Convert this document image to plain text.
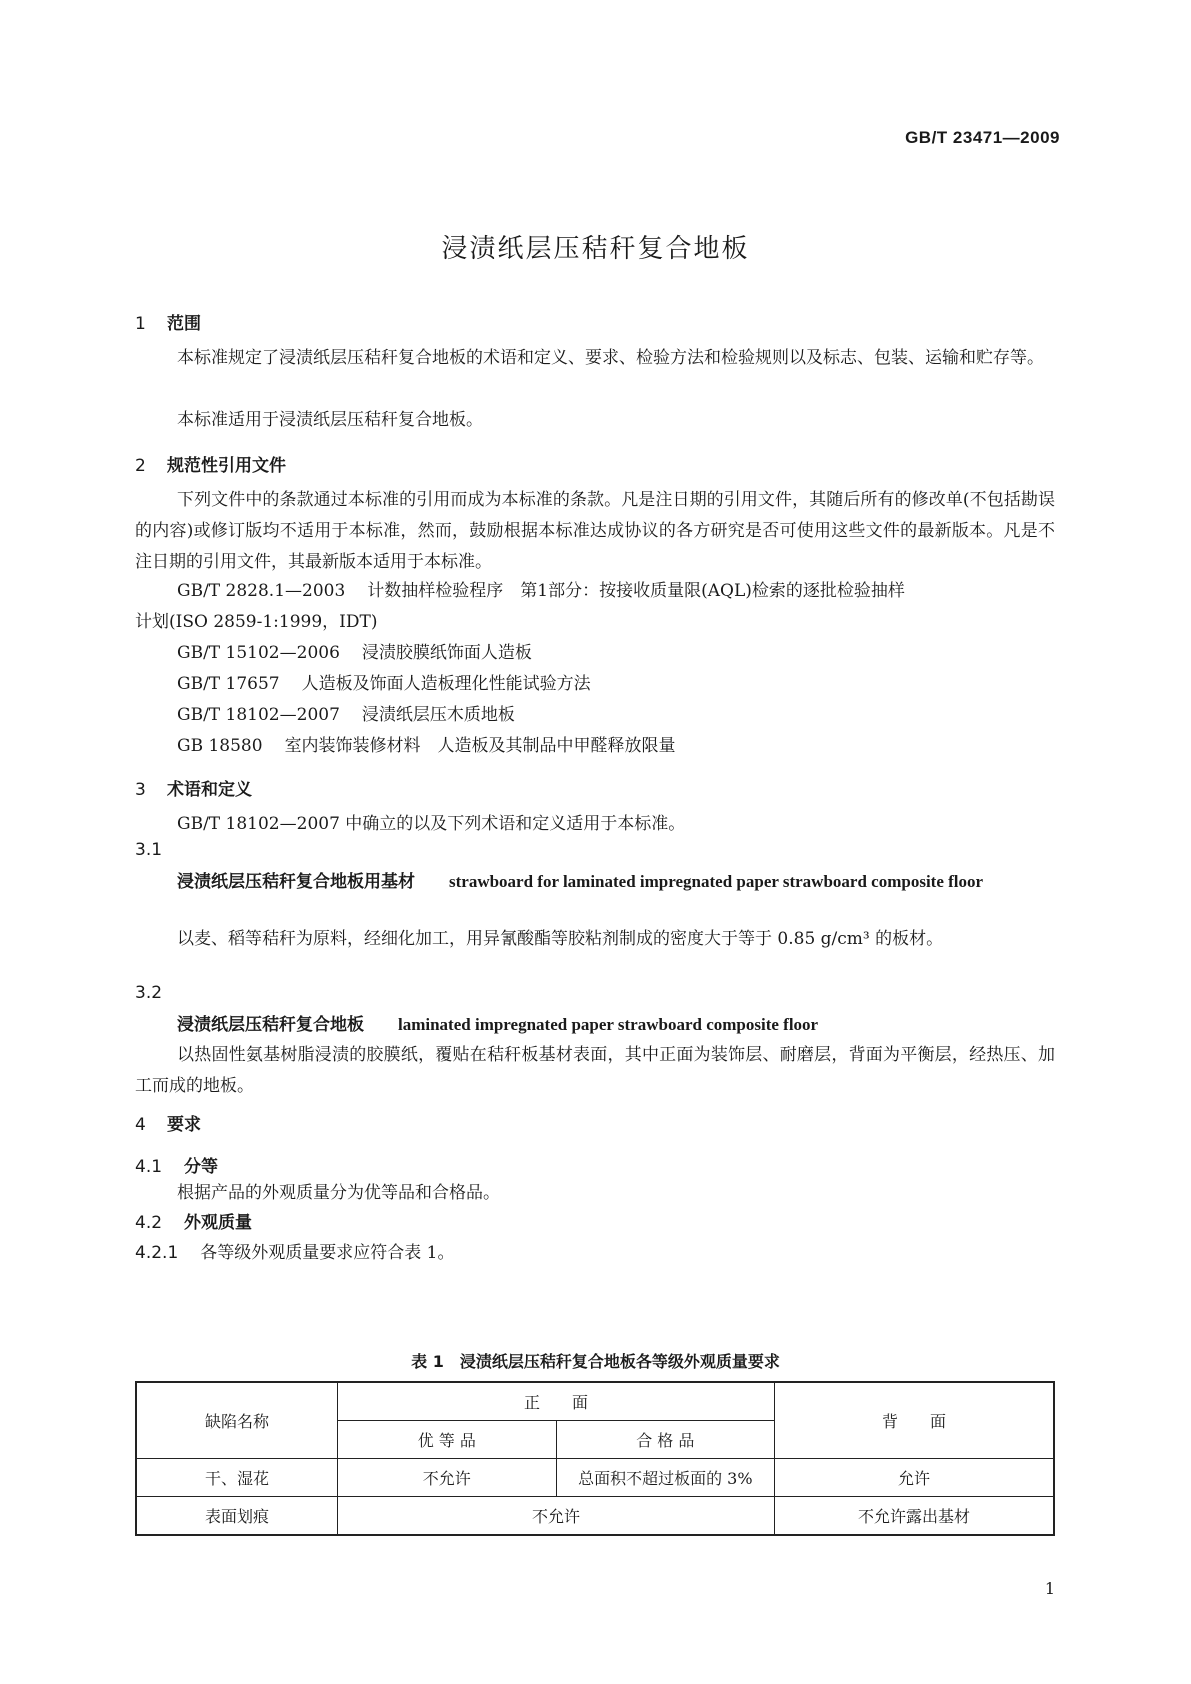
GB/T 23471—2009
浸渍纸层压秸秆复合地板
1 范围
本标准规定了浸渍纸层压秸秆复合地板的术语和定义、要求、检验方法和检验规则以及标志、包装、运输和贮存等。
本标准适用于浸渍纸层压秸秆复合地板。
2 规范性引用文件
下列文件中的条款通过本标准的引用而成为本标准的条款。凡是注日期的引用文件，其随后所有的修改单(不包括勘误的内容)或修订版均不适用于本标准，然而，鼓励根据本标准达成协议的各方研究是否可使用这些文件的最新版本。凡是不注日期的引用文件，其最新版本适用于本标准。
GB/T 2828.1—2003 计数抽样检验程序　第1部分：按接收质量限(AQL)检索的逐批检验抽样
计划(ISO 2859-1:1999，IDT)
GB/T 15102—2006 浸渍胶膜纸饰面人造板
GB/T 17657 人造板及饰面人造板理化性能试验方法
GB/T 18102—2007 浸渍纸层压木质地板
GB 18580 室内装饰装修材料　人造板及其制品中甲醛释放限量
3 术语和定义
GB/T 18102—2007 中确立的以及下列术语和定义适用于本标准。
3.1
浸渍纸层压秸秆复合地板用基材　　 strawboard for laminated impregnated paper strawboard composite floor
以麦、稻等秸秆为原料，经细化加工，用异氰酸酯等胶粘剂制成的密度大于等于 0.85 g/cm³ 的板材。
3.2
浸渍纸层压秸秆复合地板　　 laminated impregnated paper strawboard composite floor
以热固性氨基树脂浸渍的胶膜纸，覆贴在秸秆板基材表面，其中正面为装饰层、耐磨层，背面为平衡层，经热压、加工而成的地板。
4 要求
4.1 分等
根据产品的外观质量分为优等品和合格品。
4.2 外观质量
4.2.1 各等级外观质量要求应符合表 1。
表 1　浸渍纸层压秸秆复合地板各等级外观质量要求
缺陷名称	正　　面		背　　面
	优 等 品	合 格 品	
干、湿花	不允许	总面积不超过板面的 3%	允许
表面划痕	不允许		不允许露出基材
1
